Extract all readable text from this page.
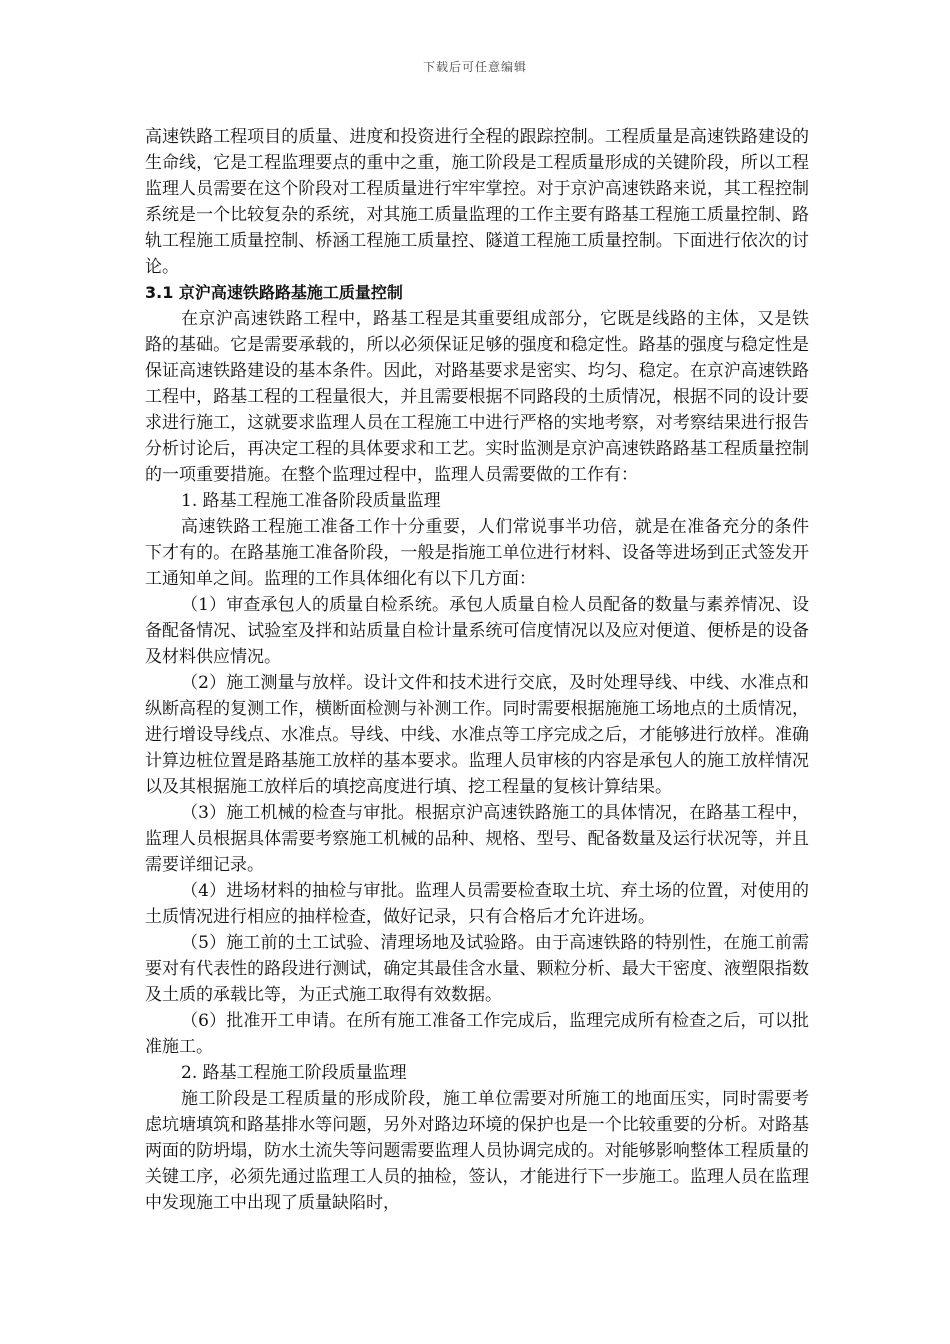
下载后可任意编辑

高速铁路工程项目的质量、进度和投资进行全程的跟踪控制。工程质量是高速铁路建设的生命线，它是工程监理要点的重中之重，施工阶段是工程质量形成的关键阶段，所以工程监理人员需要在这个阶段对工程质量进行牢牢掌控。对于京沪高速铁路来说，其工程控制系统是一个比较复杂的系统，对其施工质量监理的工作主要有路基工程施工质量控制、路轨工程施工质量控制、桥涵工程施工质量控、隧道工程施工质量控制。下面进行依次的讨论。

3.1 京沪高速铁路路基施工质量控制

在京沪高速铁路工程中，路基工程是其重要组成部分，它既是线路的主体，又是铁路的基础。它是需要承载的，所以必须保证足够的强度和稳定性。路基的强度与稳定性是保证高速铁路建设的基本条件。因此，对路基要求是密实、均匀、稳定。在京沪高速铁路工程中，路基工程的工程量很大，并且需要根据不同路段的土质情况，根据不同的设计要求进行施工，这就要求监理人员在工程施工中进行严格的实地考察，对考察结果进行报告分析讨论后，再决定工程的具体要求和工艺。实时监测是京沪高速铁路路基工程质量控制的一项重要措施。在整个监理过程中，监理人员需要做的工作有：

1. 路基工程施工准备阶段质量监理

高速铁路工程施工准备工作十分重要，人们常说事半功倍，就是在准备充分的条件下才有的。在路基施工准备阶段，一般是指施工单位进行材料、设备等进场到正式签发开工通知单之间。监理的工作具体细化有以下几方面：

（1）审查承包人的质量自检系统。承包人质量自检人员配备的数量与素养情况、设备配备情况、试验室及拌和站质量自检计量系统可信度情况以及应对便道、便桥是的设备及材料供应情况。

（2）施工测量与放样。设计文件和技术进行交底，及时处理导线、中线、水准点和纵断高程的复测工作，横断面检测与补测工作。同时需要根据施施工场地点的土质情况，进行增设导线点、水准点。导线、中线、水准点等工序完成之后，才能够进行放样。准确计算边桩位置是路基施工放样的基本要求。监理人员审核的内容是承包人的施工放样情况以及其根据施工放样后的填挖高度进行填、挖工程量的复核计算结果。

（3）施工机械的检查与审批。根据京沪高速铁路施工的具体情况，在路基工程中，监理人员根据具体需要考察施工机械的品种、规格、型号、配备数量及运行状况等，并且需要详细记录。

（4）进场材料的抽检与审批。监理人员需要检查取土坑、弃土场的位置，对使用的土质情况进行相应的抽样检查，做好记录，只有合格后才允许进场。

（5）施工前的土工试验、清理场地及试验路。由于高速铁路的特别性，在施工前需要对有代表性的路段进行测试，确定其最佳含水量、颗粒分析、最大干密度、液塑限指数及土质的承载比等，为正式施工取得有效数据。

（6）批准开工申请。在所有施工准备工作完成后，监理完成所有检查之后，可以批准施工。

2. 路基工程施工阶段质量监理

施工阶段是工程质量的形成阶段，施工单位需要对所施工的地面压实，同时需要考虑坑塘填筑和路基排水等问题，另外对路边环境的保护也是一个比较重要的分析。对路基两面的防坍塌，防水土流失等问题需要监理人员协调完成的。对能够影响整体工程质量的关键工序，必须先通过监理工人员的抽检，签认，才能进行下一步施工。监理人员在监理中发现施工中出现了质量缺陷时，
